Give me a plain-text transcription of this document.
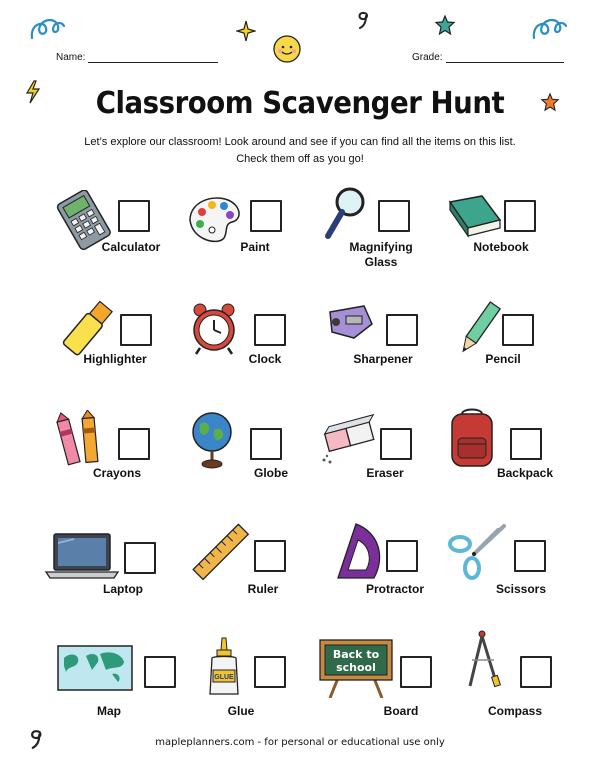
Name:	Grade:
Classroom Scavenger Hunt
Let’s explore our classroom! Look around and see if you can find all the items on this list.
Check them off as you go!
Calculator	Paint	Magnifying Glass
Notebook
Highlighter	Clock	Sharpener	Pencil
Crayons	Globe	Eraser	Backpack
Laptop	Ruler	Protractor	Scissors
Map
GLUE
Glue
Back to
school
Board	Compass
mapleplanners.com - for personal or educational use only
